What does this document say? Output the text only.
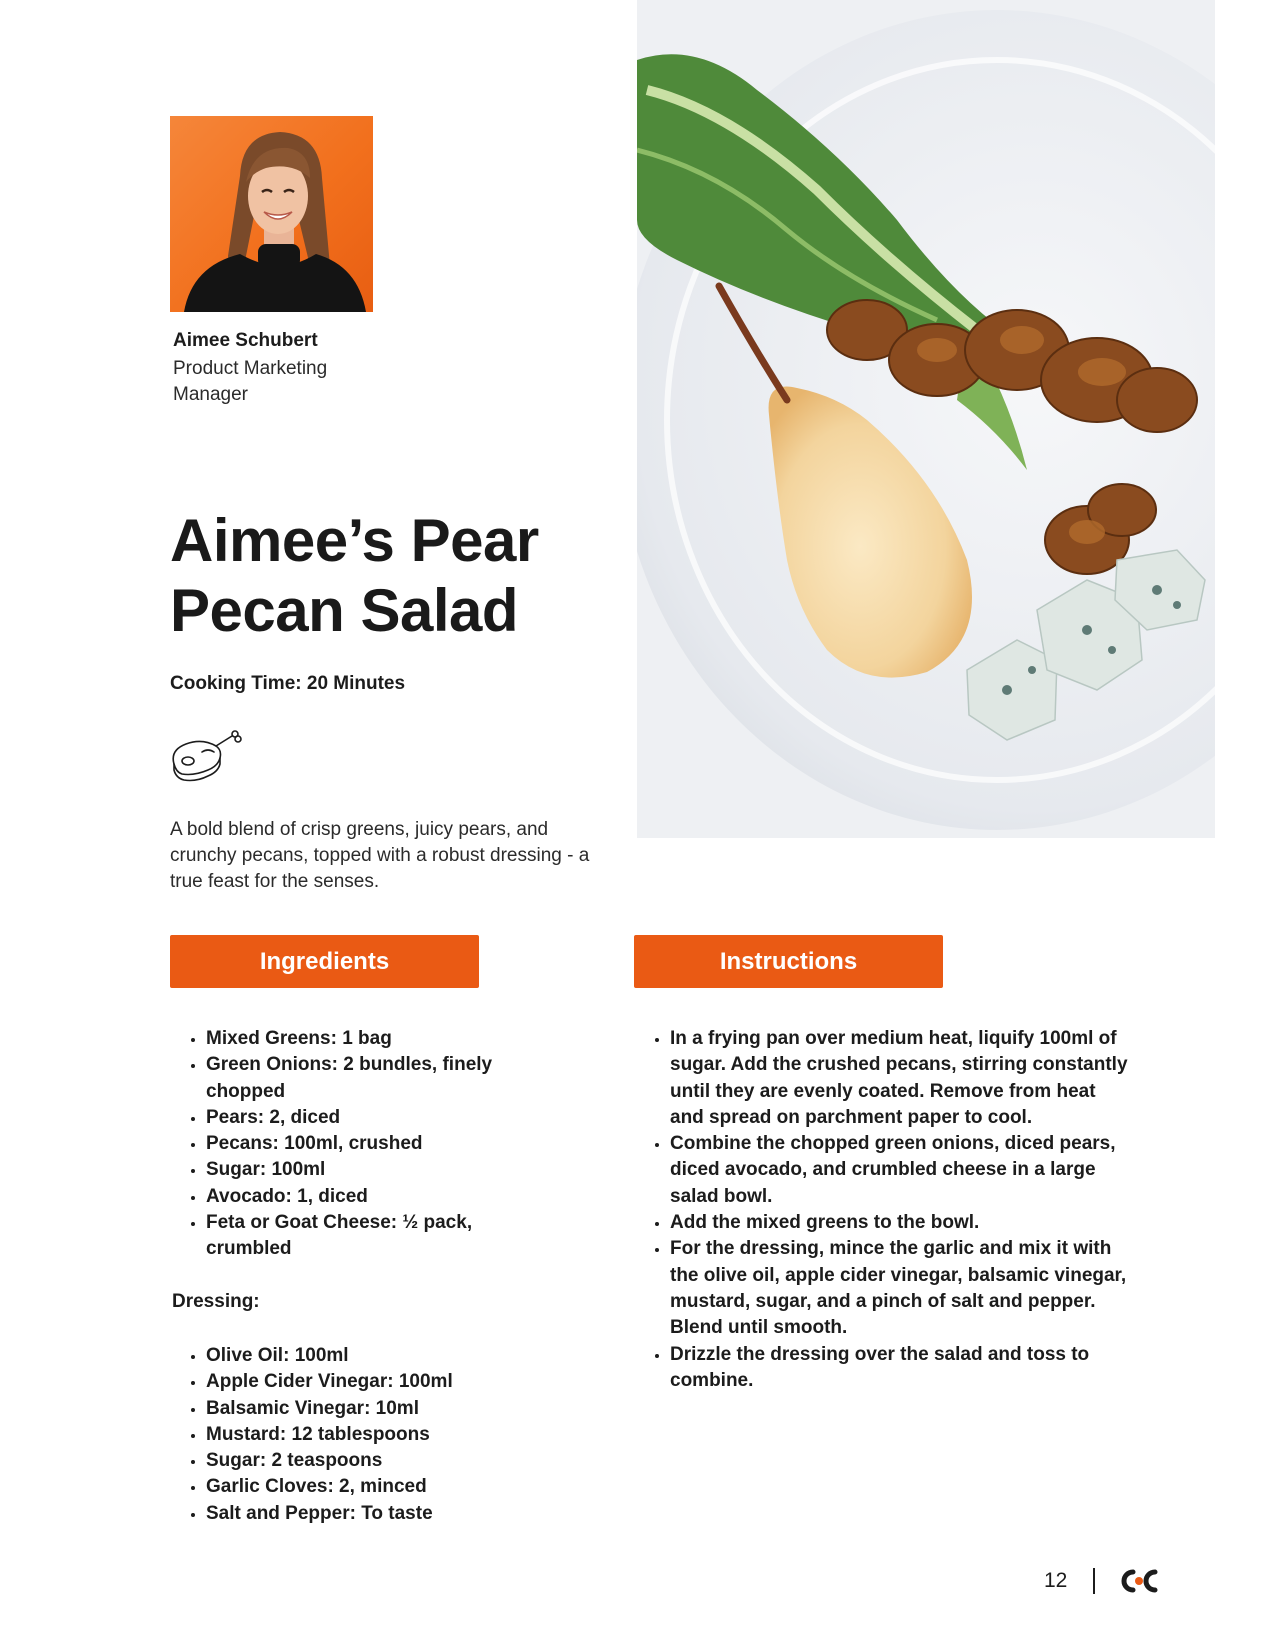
Aimee Schubert
Product Marketing Manager
Aimee’s Pear Pecan Salad
Cooking Time: 20 Minutes

A bold blend of crisp greens, juicy pears, and crunchy pecans, topped with a robust dressing - a true feast for the senses.

Ingredients	Instructions
• Mixed Greens: 1 bag
• Green Onions: 2 bundles, finely chopped
• Pears: 2, diced
• Pecans: 100ml, crushed
• Sugar: 100ml
• Avocado: 1, diced
• Feta or Goat Cheese: ½ pack, crumbled
Dressing:
• Olive Oil: 100ml
• Apple Cider Vinegar: 100ml
• Balsamic Vinegar: 10ml
• Mustard: 12 tablespoons
• Sugar: 2 teaspoons
• Garlic Cloves: 2, minced
• Salt and Pepper: To taste
• In a frying pan over medium heat, liquify 100ml of sugar. Add the crushed pecans, stirring constantly until they are evenly coated. Remove from heat and spread on parchment paper to cool.
• Combine the chopped green onions, diced pears, diced avocado, and crumbled cheese in a large salad bowl.
• Add the mixed greens to the bowl.
• For the dressing, mince the garlic and mix it with the olive oil, apple cider vinegar, balsamic vinegar, mustard, sugar, and a pinch of salt and pepper. Blend until smooth.
• Drizzle the dressing over the salad and toss to combine.
12
